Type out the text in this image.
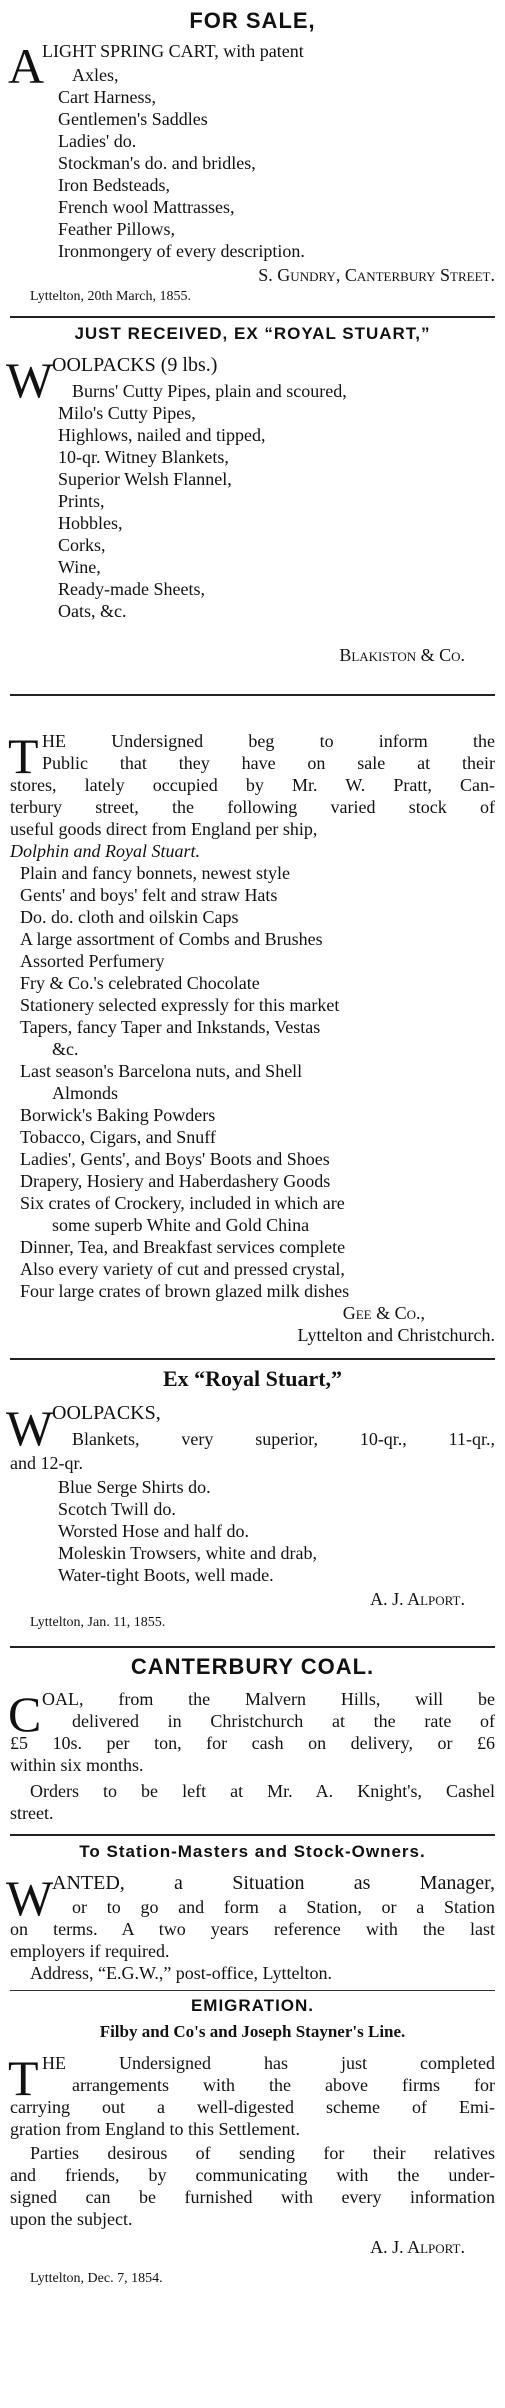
FOR SALE,
A
LIGHT SPRING CART, with patent
Axles,
Cart Harness,
Gentlemen's Saddles
Ladies' do.
Stockman's do. and bridles,
Iron Bedsteads,
French wool Mattrasses,
Feather Pillows,
Ironmongery of every description.
S. Gundry, Canterbury Street.
Lyttelton, 20th March, 1855.
JUST RECEIVED, EX “ROYAL STUART,”
W
OOLPACKS (9 lbs.)
Burns' Cutty Pipes, plain and scoured,
Milo's Cutty Pipes,
Highlows, nailed and tipped,
10-qr. Witney Blankets,
Superior Welsh Flannel,
Prints,
Hobbles,
Corks,
Wine,
Ready-made Sheets,
Oats, &c.
Blakiston & Co.
T HE Undersigned beg to inform the
Public that they have on sale at their
stores, lately occupied by Mr. W. Pratt, Can-
terbury street, the following varied stock of
useful goods direct from England per ship,
Dolphin and Royal Stuart.
Plain and fancy bonnets, newest style
Gents' and boys' felt and straw Hats
Do. do. cloth and oilskin Caps
A large assortment of Combs and Brushes
Assorted Perfumery
Fry & Co.'s celebrated Chocolate
Stationery selected expressly for this market
Tapers, fancy Taper and Inkstands, Vestas
&c.
Last season's Barcelona nuts, and Shell
Almonds
Borwick's Baking Powders
Tobacco, Cigars, and Snuff
Ladies', Gents', and Boys' Boots and Shoes
Drapery, Hosiery and Haberdashery Goods
Six crates of Crockery, included in which are
some superb White and Gold China
Dinner, Tea, and Breakfast services complete
Also every variety of cut and pressed crystal,
Four large crates of brown glazed milk dishes
Gee & Co.,
Lyttelton and Christchurch.
Ex “Royal Stuart,”
W
OOLPACKS,
Blankets, very superior, 10-qr., 11-qr.,
and 12-qr.
Blue Serge Shirts do.
Scotch Twill do.
Worsted Hose and half do.
Moleskin Trowsers, white and drab,
Water-tight Boots, well made.
A. J. Alport.
Lyttelton, Jan. 11, 1855.
CANTERBURY COAL.
C OAL, from the Malvern Hills, will be
delivered in Christchurch at the rate of
£5 10s. per ton, for cash on delivery, or £6
within six months.
Orders to be left at Mr. A. Knight's, Cashel
street.
To Station-Masters and Stock-Owners.
W
ANTED, a Situation as Manager,
or to go and form a Station, or a Station
on terms. A two years reference with the last
employers if required.
Address, “E.G.W.,” post-office, Lyttelton.
EMIGRATION.
Filby and Co's and Joseph Stayner's Line.
T HE Undersigned has just completed
arrangements with the above firms for
carrying out a well-digested scheme of Emi-
gration from England to this Settlement.
Parties desirous of sending for their relatives
and friends, by communicating with the under-
signed can be furnished with every information
upon the subject.
A. J. Alport.
Lyttelton, Dec. 7, 1854.
